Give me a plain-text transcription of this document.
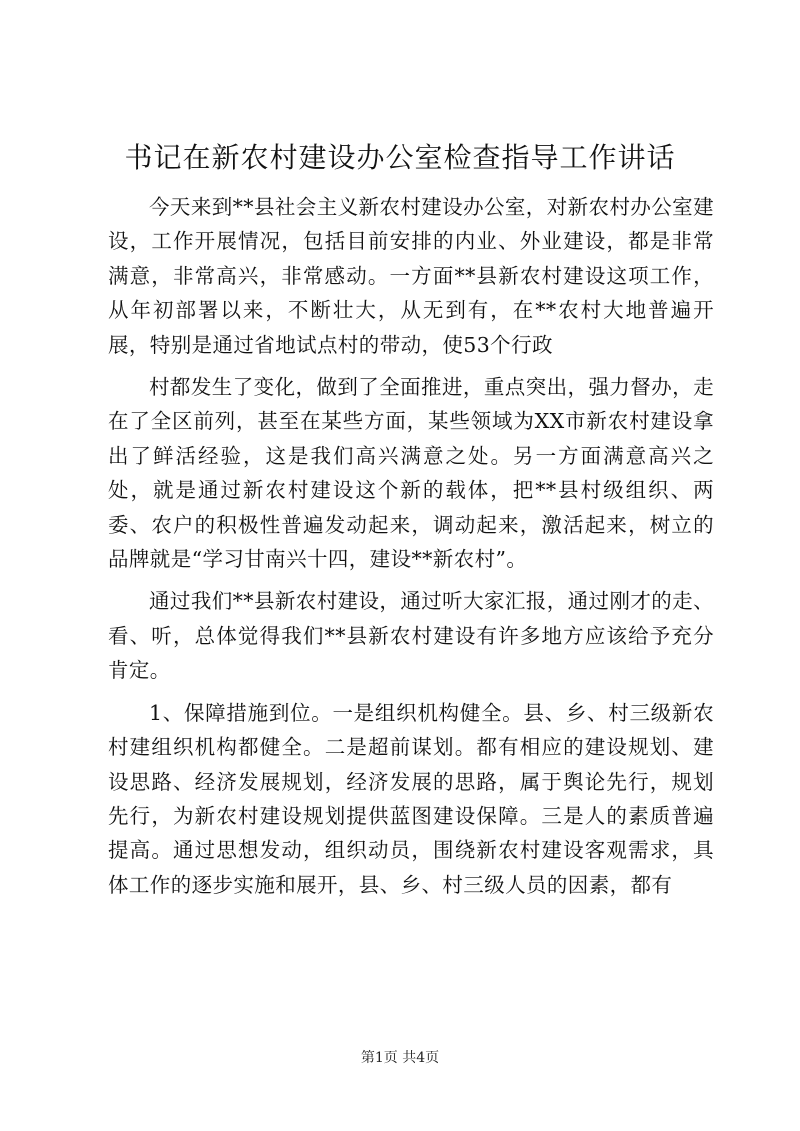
书记在新农村建设办公室检查指导工作讲话

今天来到**县社会主义新农村建设办公室，对新农村办公室建设，工作开展情况，包括目前安排的内业、外业建设，都是非常满意，非常高兴，非常感动。一方面**县新农村建设这项工作，从年初部署以来，不断壮大，从无到有，在**农村大地普遍开展，特别是通过省地试点村的带动，使53个行政

村都发生了变化，做到了全面推进，重点突出，强力督办，走在了全区前列，甚至在某些方面，某些领域为XX市新农村建设拿出了鲜活经验，这是我们高兴满意之处。另一方面满意高兴之处，就是通过新农村建设这个新的载体，把**县村级组织、两委、农户的积极性普遍发动起来，调动起来，激活起来，树立的品牌就是“学习甘南兴十四，建设**新农村”。

通过我们**县新农村建设，通过听大家汇报，通过刚才的走、看、听，总体觉得我们**县新农村建设有许多地方应该给予充分肯定。

1、保障措施到位。一是组织机构健全。县、乡、村三级新农村建组织机构都健全。二是超前谋划。都有相应的建设规划、建设思路、经济发展规划，经济发展的思路，属于舆论先行，规划先行，为新农村建设规划提供蓝图建设保障。三是人的素质普遍提高。通过思想发动，组织动员，围绕新农村建设客观需求，具体工作的逐步实施和展开，县、乡、村三级人员的因素，都有

第1页 共4页
